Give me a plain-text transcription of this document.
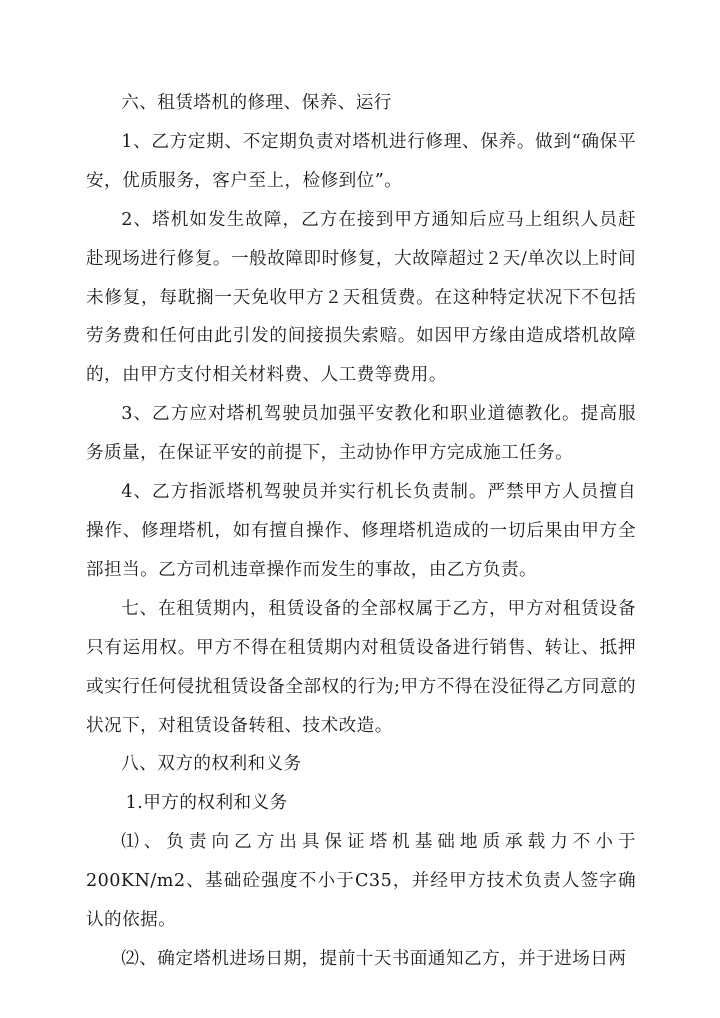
六、租赁塔机的修理、保养、运行

1、乙方定期、不定期负责对塔机进行修理、保养。做到“确保平安，优质服务，客户至上，检修到位”。

2、塔机如发生故障，乙方在接到甲方通知后应马上组织人员赶赴现场进行修复。一般故障即时修复，大故障超过２天/单次以上时间未修复，每耽搁一天免收甲方２天租赁费。在这种特定状况下不包括劳务费和任何由此引发的间接损失索赔。如因甲方缘由造成塔机故障的，由甲方支付相关材料费、人工费等费用。

3、乙方应对塔机驾驶员加强平安教化和职业道德教化。提高服务质量，在保证平安的前提下，主动协作甲方完成施工任务。

4、乙方指派塔机驾驶员并实行机长负责制。严禁甲方人员擅自操作、修理塔机，如有擅自操作、修理塔机造成的一切后果由甲方全部担当。乙方司机违章操作而发生的事故，由乙方负责。

七、在租赁期内，租赁设备的全部权属于乙方，甲方对租赁设备只有运用权。甲方不得在租赁期内对租赁设备进行销售、转让、抵押或实行任何侵扰租赁设备全部权的行为;甲方不得在没征得乙方同意的状况下，对租赁设备转租、技术改造。

八、双方的权利和义务

1.甲方的权利和义务

⑴、负责向乙方出具保证塔机基础地质承载力不小于200KN/m2、基础砼强度不小于C35，并经甲方技术负责人签字确认的依据。

⑵、确定塔机进场日期，提前十天书面通知乙方，并于进场日两
